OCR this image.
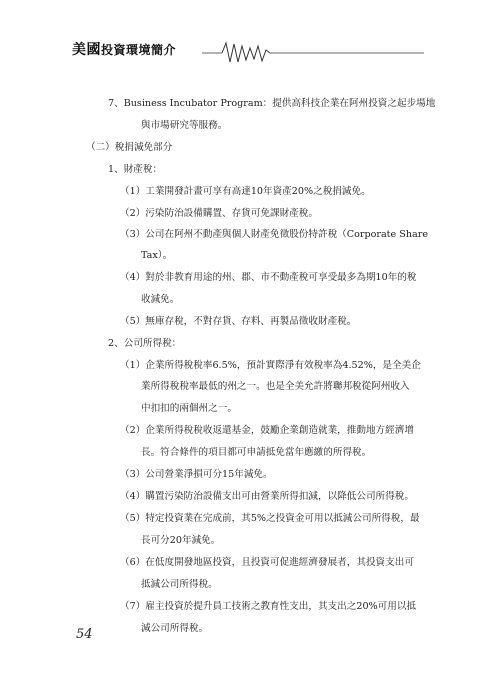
美國投資環境簡介
7、Business Incubator Program：提供高科技企業在阿州投資之起步場地
與市場研究等服務。
（二）稅捐減免部分
1、財產稅：
（1）工業開發計畫可享有高達10年資產20%之稅捐減免。
（2）污染防治設備購置、存貨可免課財產稅。
（3）公司在阿州不動產與個人財產免徵股份特許稅（Corporate Share
Tax）。
（4）對於非教育用途的州、郡、市不動產稅可享受最多為期10年的稅
收減免。
（5）無庫存稅，不對存貨、存料、再製品徵收財產稅。
2、公司所得稅：
（1）企業所得稅稅率6.5%，預計實際淨有效稅率為4.52%，是全美企
業所得稅稅率最低的州之一。也是全美允許將聯邦稅從阿州收入
中扣扣的兩個州之一。
（2）企業所得稅稅收返還基金，鼓勵企業創造就業，推動地方經濟增
長。符合條件的項目都可申請抵免當年應繳的所得稅。
（3）公司營業淨損可分15年減免。
（4）購置污染防治設備支出可由營業所得扣減，以降低公司所得稅。
（5）特定投資業在完成前，其5%之投資金可用以抵減公司所得稅，最
長可分20年減免。
（6）在低度開發地區投資，且投資可促進經濟發展者，其投資支出可
抵減公司所得稅。
（7）雇主投資於提升員工技術之教育性支出，其支出之20%可用以抵
減公司所得稅。
54
